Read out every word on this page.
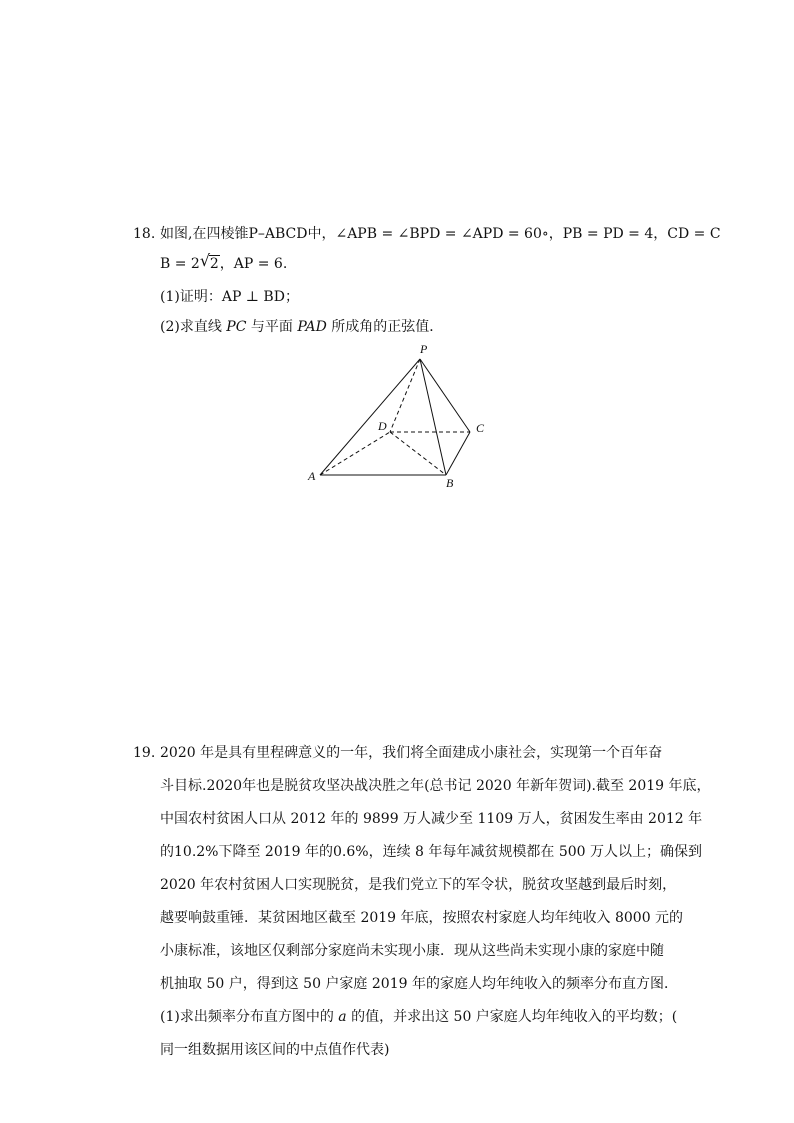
18. 如图,在四棱锥P–ABCD中，∠APB = ∠BPD = ∠APD = 60∘，PB = PD = 4，CD = C
B = 2 √ 2，AP = 6.
(1)证明：AP ⊥ BD；
(2)求直线 PC 与平面 PAD 所成角的正弦值．
P
D	C
A	B
19. 2020 年是具有里程碑意义的一年，我们将全面建成小康社会，实现第一个百年奋
斗目标.2020年也是脱贫攻坚决战决胜之年(总书记 2020 年新年贺词).截至 2019 年底，
中国农村贫困人口从 2012 年的 9899 万人减少至 1109 万人，贫困发生率由 2012 年
的10.2%下降至 2019 年的0.6%，连续 8 年每年减贫规模都在 500 万人以上；确保到
2020 年农村贫困人口实现脱贫，是我们党立下的军令状，脱贫攻坚越到最后时刻，
越要响鼓重锤．某贫困地区截至 2019 年底，按照农村家庭人均年纯收入 8000 元的
小康标准，该地区仅剩部分家庭尚未实现小康．现从这些尚未实现小康的家庭中随
机抽取 50 户，得到这 50 户家庭 2019 年的家庭人均年纯收入的频率分布直方图．
(1)求出频率分布直方图中的 a 的值，并求出这 50 户家庭人均年纯收入的平均数；(
同一组数据用该区间的中点值作代表)
